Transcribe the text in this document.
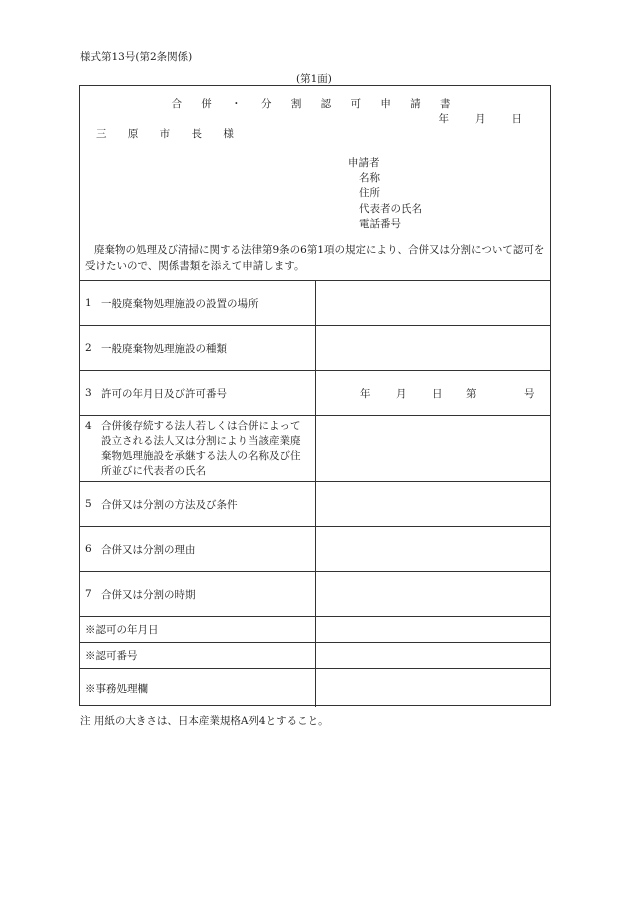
様式第13号(第2条関係)
(第1面)
合 併 ・ 分 割 認 可 申 請 書
年 月 日
三 原 市 長 様
申請者
名称
住所
代表者の氏名
電話番号
廃棄物の処理及び清掃に関する法律第9条の6第1項の規定により、合併又は分割について認可を受けたいので、関係書類を添えて申請します。
1 一般廃棄物処理施設の設置の場所
2 一般廃棄物処理施設の種類
3 許可の年月日及び許可番号	年	月	日	第	号
4 合併後存続する法人若しくは合併によって設立される法人又は分割により当該産業廃棄物処理施設を承継する法人の名称及び住所並びに代表者の氏名
5 合併又は分割の方法及び条件
6 合併又は分割の理由
7 合併又は分割の時期
※認可の年月日
※認可番号
※事務処理欄
注 用紙の大きさは、日本産業規格A列4とすること。
